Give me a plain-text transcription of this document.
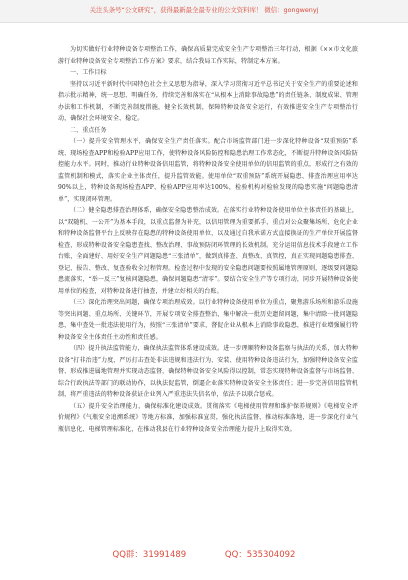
关注头条号“公文研究”，获得最新最全最专业的公文资料库！ 微信：gongwenyj

为切实做好行业特种设备专项整治工作，确保高质量完成安全生产专项整治三年行动，根据《××市文化旅游行业特种设备安全专项整治工作方案》要求，结合我局工作实际，特制定本方案。

一、工作目标

坚持以习近平新时代中国特色社会主义思想为指导，深入学习贯彻习近平总书记关于安全生产的重要论述和指示批示精神，统一思想、明确任务，持续完善和落实在“从根本上消除事故隐患”的责任链条、制度成果、管理办法和工作机制，不断完善制度措施，健全长效机制，保障特种设备安全运行，有效推进安全生产专项整治行动，确保社会环境安全、稳定。

二、重点任务

（一）提升安全管理水平，确保安全生产责任落实。配合市场监管部门进一步深化特种设备“双重预防”系统、现场检查APP和检验APP应用工作，使特种设备风险防控和隐患治理工作常态化，不断提升特种设备风险防控能力水平。同时，推动行业特种设备信用监管，将特种设备安全使用单位的信用监管的重点，形成行之有效的监管机制和模式，落实企业主体责任，提升监管效能。使用单位“双重预防”系统开展隐患、排查治理应用率达90%以上，特种设备现场检查APP、检验APP应用率达100%，检验机构对检验发现的隐患实施“问题隐患清单”，实现闭环管理。

（二）健全隐患排查治理体系，确保安全隐患整治成效。在落实行业特种设备使用单位主体责任的基础上，以“双随机、一公开”为基本手段，以重点监督为补充，以信用管理为重要抓手，重点对公众聚集场所、危化企业和特种设备监督平台上反映存在隐患的特种设备使用单位，以及通过自我承诺方式直接换证的生产单位开展监督检查，形成特种设备安全隐患查找、整改治理、事故预防闭环管理的长效机制。充分运用信息技术手段建立工作台账，全面建好、用好安全生产问题隐患“三张清单”，做到真排查、真整改、真管控，真正实现问题隐患排查、登记、报告、整改、复查验收全过程管理。检查过程中发现的安全隐患问题要按照属地管理原则，逐级要问题隐患流落实，“举一反三”复核问题隐患，确保问题隐患“清零”。要结合安全生产等专项行动，同步开展特种设备使用单位的检查，对特种设备进行抽查，并建立好相关的台账。

（三）深化治理突出问题，确保专项治理成效。以行业特种设备使用单位为重点，聚焦游乐场所和游乐设施等突出问题、重点场所、关键环节，开展专项安全排查整治，集中解决一批历史遗留问题，集中清除一批问题隐患，集中查处一批违法使用行为，按照“三张清单”要求，督促企业从根本上消除事故隐患，推进行业增强履行特种设备安全主体责任主动性和责任感。

（四）提升执法监管能力，确保执法监管体系建设成效。进一步理顺特种设备监察与执法的关系，加大特种设备“打非治违”力度，严厉打击查处非法违规和违法行为、安装、使用特种设备违法行为，加强特种设备安全监督、形成推进属地管理并实现动态监督，确保特种设备安全风险得以控制，常态实现特种设备监督与市场监督、综合行政执法等部门的联动协作，以执法促监管，倒逼企业落实特种设备安全主体责任；进一步完善信用监管机制，将严重违法的特种设备获证企业列入严重违法失信名单，依法予以联合惩戒。

（五）提升安全治理能力，确保标准化建设成效。贯彻落实《电梯使用管理和维护保养规则》《电梯安全评价规程》《气瓶安全追溯系统》等地方标准，加强标准宣贯，强化执法监督，推动标准落地，进一步深化行业气瓶信息化、电梯管理标准化，在推动我县在行业特种设备安全治理能力提升上取得实效。

QQ群：31991489	QQ：535304092
